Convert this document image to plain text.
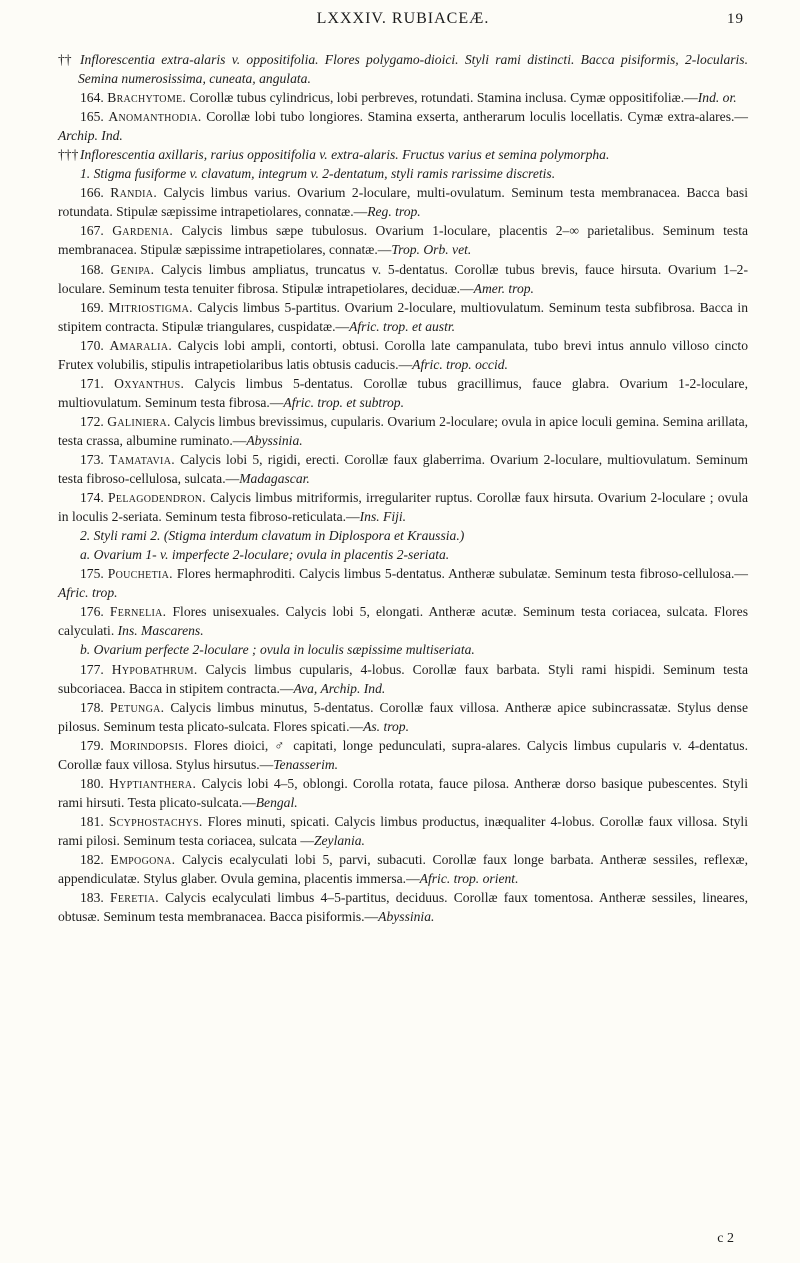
LXXXIV. RUBIACEÆ.	19

†† Inflorescentia extra-alaris v. oppositifolia. Flores polygamo-dioici. Styli rami distincti. Bacca pisiformis, 2-locularis. Semina numerosissima, cuneata, angulata.

164. Brachytome. Corollæ tubus cylindricus, lobi perbreves, rotundati. Stamina inclusa. Cymæ oppositifoliæ.—Ind. or.

165. Anomanthodia. Corollæ lobi tubo longiores. Stamina exserta, antherarum loculis locellatis. Cymæ extra-alares.—Archip. Ind.

††† Inflorescentia axillaris, rarius oppositifolia v. extra-alaris. Fructus varius et semina polymorpha.

1. Stigma fusiforme v. clavatum, integrum v. 2-dentatum, styli ramis rarissime discretis.

166. Randia. Calycis limbus varius. Ovarium 2-loculare, multi-ovulatum. Seminum testa membranacea. Bacca basi rotundata. Stipulæ sæpissime intrapetiolares, connatæ.—Reg. trop.

167. Gardenia. Calycis limbus sæpe tubulosus. Ovarium 1-loculare, placentis 2–∞ parietalibus. Seminum testa membranacea. Stipulæ sæpissime intrapetiolares, connatæ.—Trop. Orb. vet.

168. Genipa. Calycis limbus ampliatus, truncatus v. 5-dentatus. Corollæ tubus brevis, fauce hirsuta. Ovarium 1–2-loculare. Seminum testa tenuiter fibrosa. Stipulæ intrapetiolares, deciduæ.—Amer. trop.

169. Mitriostigma. Calycis limbus 5-partitus. Ovarium 2-loculare, multiovulatum. Seminum testa subfibrosa. Bacca in stipitem contracta. Stipulæ triangulares, cuspidatæ.—Afric. trop. et austr.

170. Amaralia. Calycis lobi ampli, contorti, obtusi. Corolla late campanulata, tubo brevi intus annulo villoso cincto Frutex volubilis, stipulis intrapetiolaribus latis obtusis caducis.—Afric. trop. occid.

171. Oxyanthus. Calycis limbus 5-dentatus. Corollæ tubus gracillimus, fauce glabra. Ovarium 1-2-loculare, multiovulatum. Seminum testa fibrosa.—Afric. trop. et subtrop.

172. Galiniera. Calycis limbus brevissimus, cupularis. Ovarium 2-loculare; ovula in apice loculi gemina. Semina arillata, testa crassa, albumine ruminato.—Abyssinia.

173. Tamatavia. Calycis lobi 5, rigidi, erecti. Corollæ faux glaberrima. Ovarium 2-loculare, multiovulatum. Seminum testa fibroso-cellulosa, sulcata.—Madagascar.

174. Pelagodendron. Calycis limbus mitriformis, irregulariter ruptus. Corollæ faux hirsuta. Ovarium 2-loculare ; ovula in loculis 2-seriata. Seminum testa fibroso-reticulata.—Ins. Fiji.

2. Styli rami 2. (Stigma interdum clavatum in Diplospora et Kraussia.)

a. Ovarium 1- v. imperfecte 2-loculare; ovula in placentis 2-seriata.

175. Pouchetia. Flores hermaphroditi. Calycis limbus 5-dentatus. Antheræ subulatæ. Seminum testa fibroso-cellulosa.—Afric. trop.

176. Fernelia. Flores unisexuales. Calycis lobi 5, elongati. Antheræ acutæ. Seminum testa coriacea, sulcata. Flores calyculati. Ins. Mascarens.

b. Ovarium perfecte 2-loculare ; ovula in loculis sæpissime multiseriata.

177. Hypobathrum. Calycis limbus cupularis, 4-lobus. Corollæ faux barbata. Styli rami hispidi. Seminum testa subcoriacea. Bacca in stipitem contracta.—Ava, Archip. Ind.

178. Petunga. Calycis limbus minutus, 5-dentatus. Corollæ faux villosa. Antheræ apice subincrassatæ. Stylus dense pilosus. Seminum testa plicato-sulcata. Flores spicati.—As. trop.

179. Morindopsis. Flores dioici, ♂ capitati, longe pedunculati, supra-alares. Calycis limbus cupularis v. 4-dentatus. Corollæ faux villosa. Stylus hirsutus.—Tenasserim.

180. Hyptianthera. Calycis lobi 4–5, oblongi. Corolla rotata, fauce pilosa. Antheræ dorso basique pubescentes. Styli rami hirsuti. Testa plicato-sulcata.—Bengal.

181. Scyphostachys. Flores minuti, spicati. Calycis limbus productus, inæqualiter 4-lobus. Corollæ faux villosa. Styli rami pilosi. Seminum testa coriacea, sulcata —Zeylania.

182. Empogona. Calycis ecalyculati lobi 5, parvi, subacuti. Corollæ faux longe barbata. Antheræ sessiles, reflexæ, appendiculatæ. Stylus glaber. Ovula gemina, placentis immersa.—Afric. trop. orient.

183. Feretia. Calycis ecalyculati limbus 4–5-partitus, deciduus. Corollæ faux tomentosa. Antheræ sessiles, lineares, obtusæ. Seminum testa membranacea. Bacca pisiformis.—Abyssinia.

c 2
